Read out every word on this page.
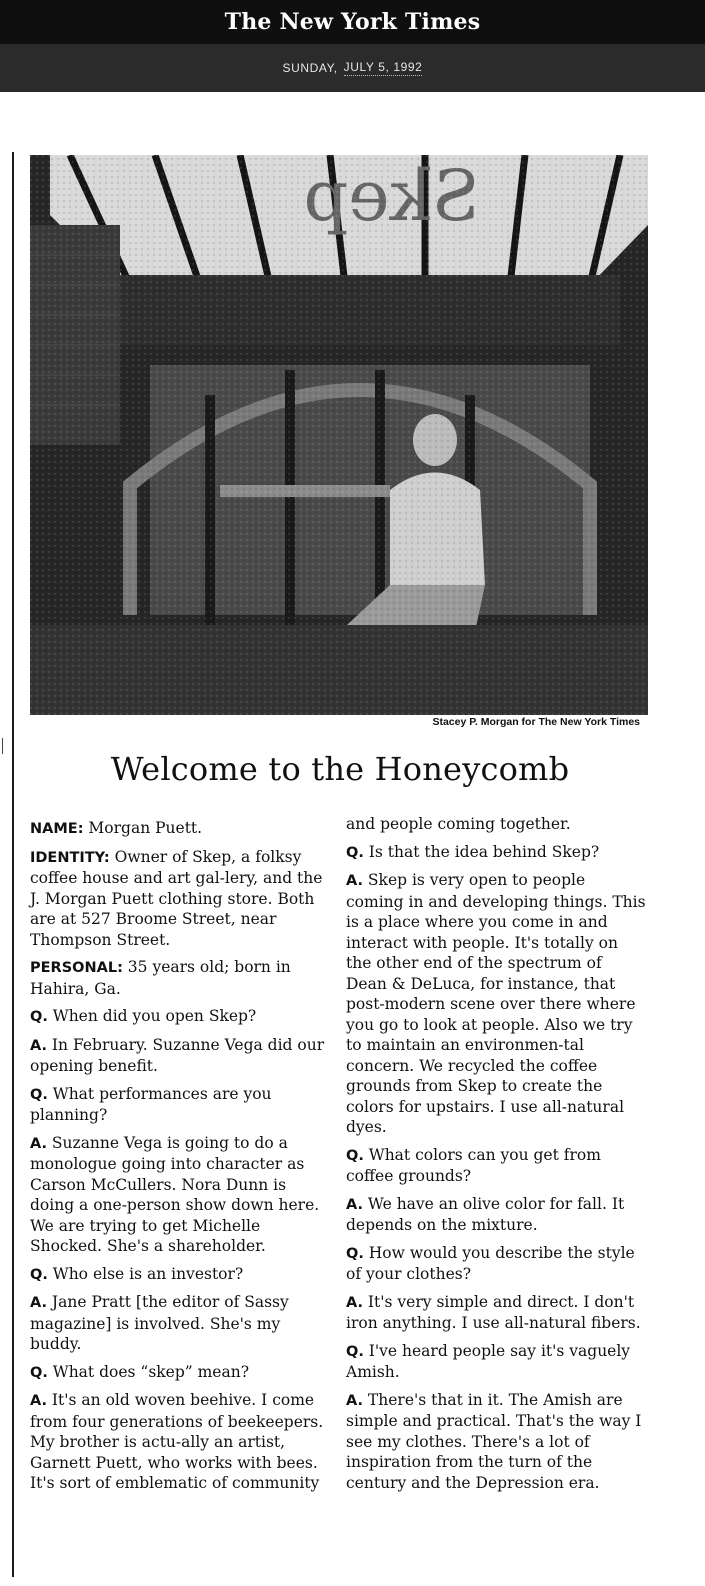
The New York Times
SUNDAY, JULY 5, 1992
Stacey P. Morgan for The New York Times
Welcome to the Honeycomb

NAME: Morgan Puett.

IDENTITY: Owner of Skep, a folksy coffee house and art gal-lery, and the J. Morgan Puett clothing store. Both are at 527 Broome Street, near Thompson Street.

PERSONAL: 35 years old; born in Hahira, Ga.

Q. When did you open Skep?

A. In February. Suzanne Vega did our opening benefit.

Q. What performances are you planning?

A. Suzanne Vega is going to do a monologue going into character as Carson McCullers. Nora Dunn is doing a one-person show down here. We are trying to get Michelle Shocked. She's a shareholder.

Q. Who else is an investor?

A. Jane Pratt [the editor of Sassy magazine] is involved. She's my buddy.

Q. What does “skep” mean?

A. It's an old woven beehive. I come from four generations of beekeepers. My brother is actu-ally an artist, Garnett Puett, who works with bees. It's sort of emblematic of community

and people coming together.

Q. Is that the idea behind Skep?

A. Skep is very open to people coming in and developing things. This is a place where you come in and interact with people. It's totally on the other end of the spectrum of Dean & DeLuca, for instance, that post-modern scene over there where you go to look at people. Also we try to maintain an environmen-tal concern. We recycled the coffee grounds from Skep to create the colors for upstairs. I use all-natural dyes.

Q. What colors can you get from coffee grounds?

A. We have an olive color for fall. It depends on the mixture.

Q. How would you describe the style of your clothes?

A. It's very simple and direct. I don't iron anything. I use all-natural fibers.

Q. I've heard people say it's vaguely Amish.

A. There's that in it. The Amish are simple and practical. That's the way I see my clothes. There's a lot of inspiration from the turn of the century and the Depression era.
